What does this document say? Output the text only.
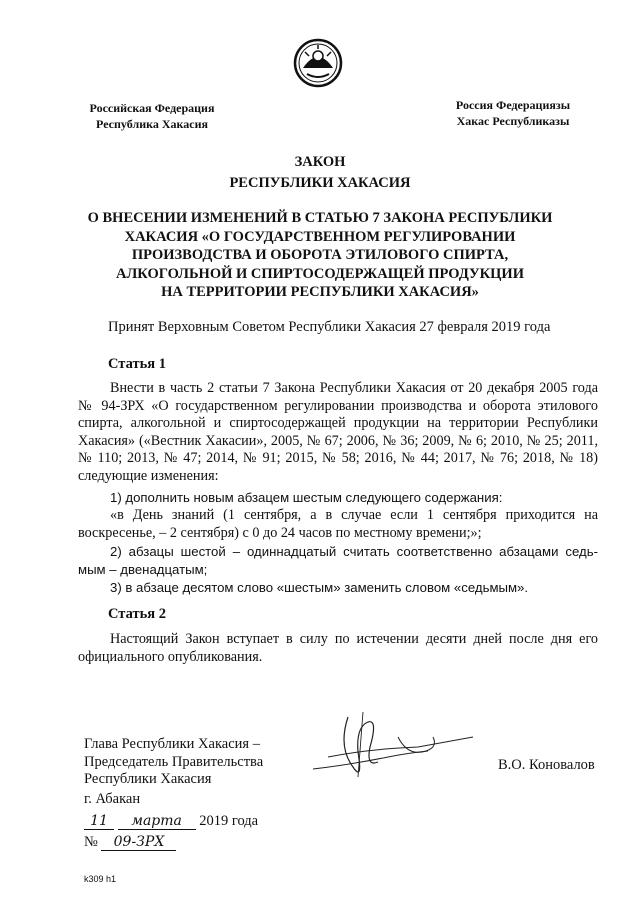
Российская Федерация
Республика Хакасия
Россия Федерациязы
Хакас Республиказы
ЗАКОН
РЕСПУБЛИКИ ХАКАСИЯ
О ВНЕСЕНИИ ИЗМЕНЕНИЙ В СТАТЬЮ 7 ЗАКОНА РЕСПУБЛИКИ
ХАКАСИЯ «О ГОСУДАРСТВЕННОМ РЕГУЛИРОВАНИИ
ПРОИЗВОДСТВА И ОБОРОТА ЭТИЛОВОГО СПИРТА,
АЛКОГОЛЬНОЙ И СПИРТОСОДЕРЖАЩЕЙ ПРОДУКЦИИ
НА ТЕРРИТОРИИ РЕСПУБЛИКИ ХАКАСИЯ»
Принят Верховным Советом Республики Хакасия 27 февраля 2019 года
Статья 1
Внести в часть 2 статьи 7 Закона Республики Хакасия от 20 декабря 2005 года № 94-ЗРХ «О государственном регулировании производства и оборота этилового спирта, алкогольной и спиртосодержащей продукции на территории Республики Хакасия» («Вестник Хакасии», 2005, № 67; 2006, № 36; 2009, № 6; 2010, № 25; 2011, № 110; 2013, № 47; 2014, № 91; 2015, № 58; 2016, № 44; 2017, № 76; 2018, № 18) следующие изменения:
1) дополнить новым абзацем шестым следующего содержания:
«в День знаний (1 сентября, а в случае если 1 сентября приходится на воскресенье, – 2 сентября) с 0 до 24 часов по местному времени;»;
2) абзацы шестой – одиннадцатый считать соответственно абзацами седь-мым – двенадцатым;
3) в абзаце десятом слово «шестым» заменить словом «седьмым».
Статья 2
Настоящий Закон вступает в силу по истечении десяти дней после дня его официального опубликования.
Глава Республики Хакасия –
Председатель Правительства
Республики Хакасия
В.О. Коновалов
г. Абакан
11 марта 2019 года
№ 09-ЗРХ
k309 h1
